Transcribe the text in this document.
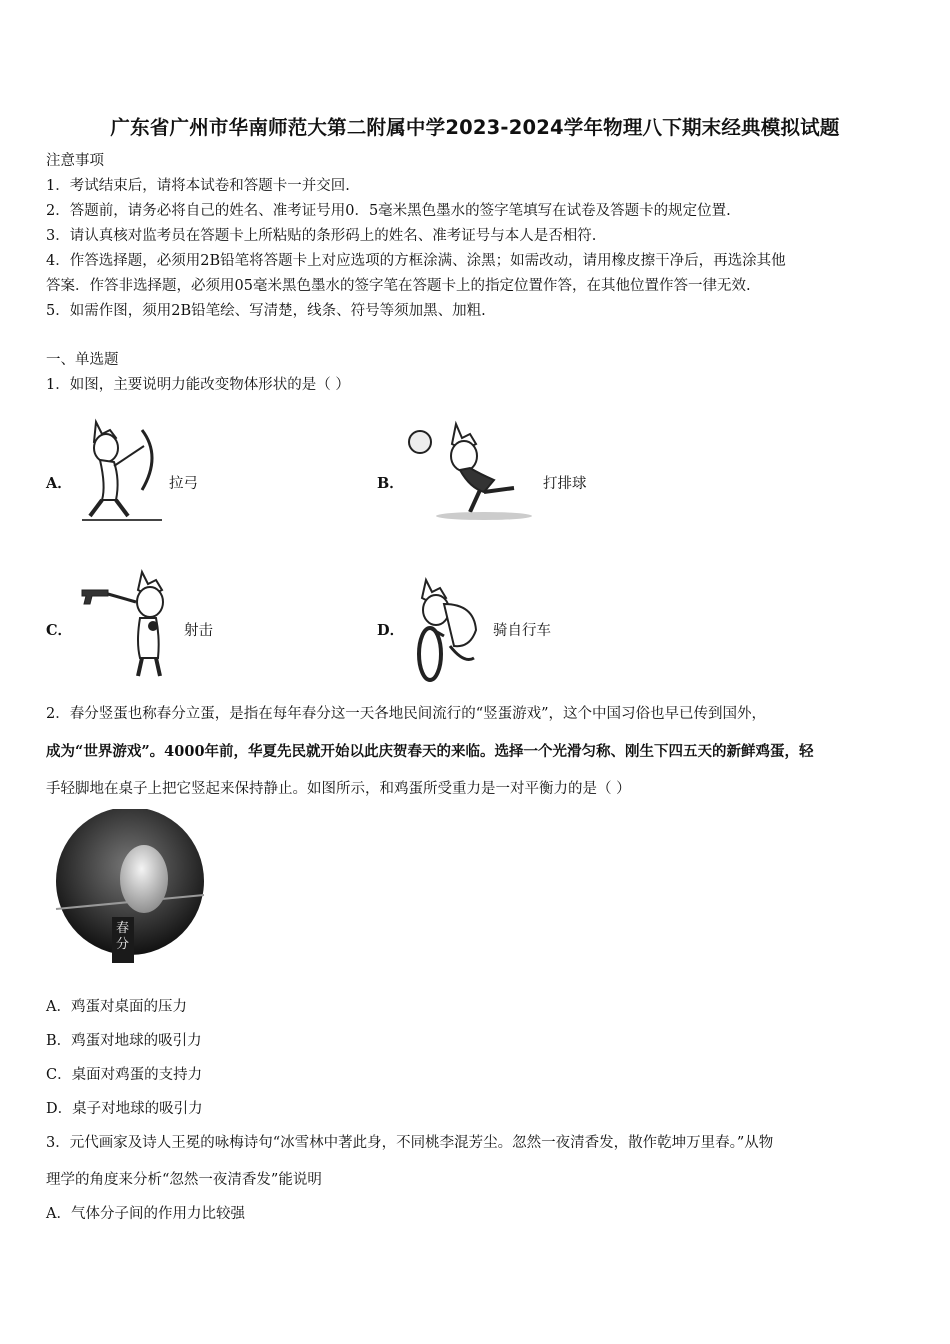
广东省广州市华南师范大第二附属中学2023-2024学年物理八下期末经典模拟试题
注意事项
1．考试结束后，请将本试卷和答题卡一并交回.
2．答题前，请务必将自己的姓名、准考证号用0．5毫米黑色墨水的签字笔填写在试卷及答题卡的规定位置.
3．请认真核对监考员在答题卡上所粘贴的条形码上的姓名、准考证号与本人是否相符.
4．作答选择题，必须用2B铅笔将答题卡上对应选项的方框涂满、涂黑；如需改动，请用橡皮擦干净后，再选涂其他
答案．作答非选择题，必须用05毫米黑色墨水的签字笔在答题卡上的指定位置作答，在其他位置作答一律无效.
5．如需作图，须用2B铅笔绘、写清楚，线条、符号等须加黑、加粗.
一、单选题
1．如图，主要说明力能改变物体形状的是（ ）
A．	拉弓	B．	打排球
C．	射击	D．	骑自行车
2．春分竖蛋也称春分立蛋，是指在每年春分这一天各地民间流行的“竖蛋游戏”，这个中国习俗也早已传到国外，
成为“世界游戏”。4000年前，华夏先民就开始以此庆贺春天的来临。选择一个光滑匀称、刚生下四五天的新鲜鸡蛋，轻
手轻脚地在桌子上把它竖起来保持静止。如图所示，和鸡蛋所受重力是一对平衡力的是（ ）
春分
A．鸡蛋对桌面的压力
B．鸡蛋对地球的吸引力
C．桌面对鸡蛋的支持力
D．桌子对地球的吸引力
3．元代画家及诗人王冕的咏梅诗句“冰雪林中著此身，不同桃李混芳尘。忽然一夜清香发，散作乾坤万里春。”从物
理学的角度来分析“忽然一夜清香发”能说明
A．气体分子间的作用力比较强
